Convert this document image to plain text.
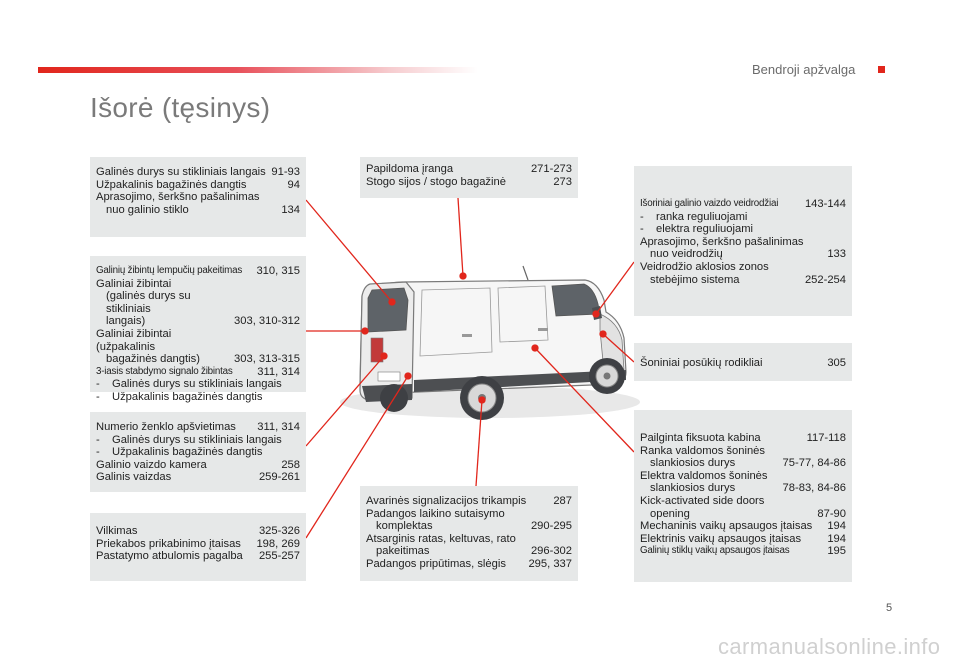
Bendroji apžvalga
Išorė (tęsinys)
Galinės durys su stikliniais langais 91-93
Užpakalinis bagažinės dangtis	94
Aprasojimo, šerkšno pašalinimas
nuo galinio stiklo	134
Galinių žibintų lempučių pakeitimas	310, 315
Galiniai žibintai
(galinės durys su stikliniais
langais)	303, 310-312
Galiniai žibintai (užpakalinis
bagažinės dangtis)	303, 313-315
3-iasis stabdymo signalo žibintas	311, 314
-	Galinės durys su stikliniais langais
-	Užpakalinis bagažinės dangtis
Numerio ženklo apšvietimas	311, 314
-	Galinės durys su stikliniais langais
-	Užpakalinis bagažinės dangtis
Galinio vaizdo kamera	258
Galinis vaizdas	259-261
Vilkimas	325-326
Priekabos prikabinimo įtaisas	198, 269
Pastatymo atbulomis pagalba	255-257
Papildoma įranga	271-273
Stogo sijos / stogo bagažinė	273
Avarinės signalizacijos trikampis	287
Padangos laikino sutaisymo
komplektas	290-295
Atsarginis ratas, keltuvas, rato
pakeitimas	296-302
Padangos pripūtimas, slėgis	295, 337
Išoriniai galinio vaizdo veidrodžiai	143-144
-	ranka reguliuojami
-	elektra reguliuojami
Aprasojimo, šerkšno pašalinimas
nuo veidrodžių	133
Veidrodžio aklosios zonos
stebėjimo sistema	252-254
Šoniniai posūkių rodikliai	305
Pailginta fiksuota kabina	117-118
Ranka valdomos šoninės
slankiosios durys	75-77, 84-86
Elektra valdomos šoninės
slankiosios durys	78-83, 84-86
Kick-activated side doors
opening	87-90
Mechaninis vaikų apsaugos įtaisas	194
Elektrinis vaikų apsaugos įtaisas	194
Galinių stiklų vaikų apsaugos įtaisas	195
5
carmanualsonline.info
